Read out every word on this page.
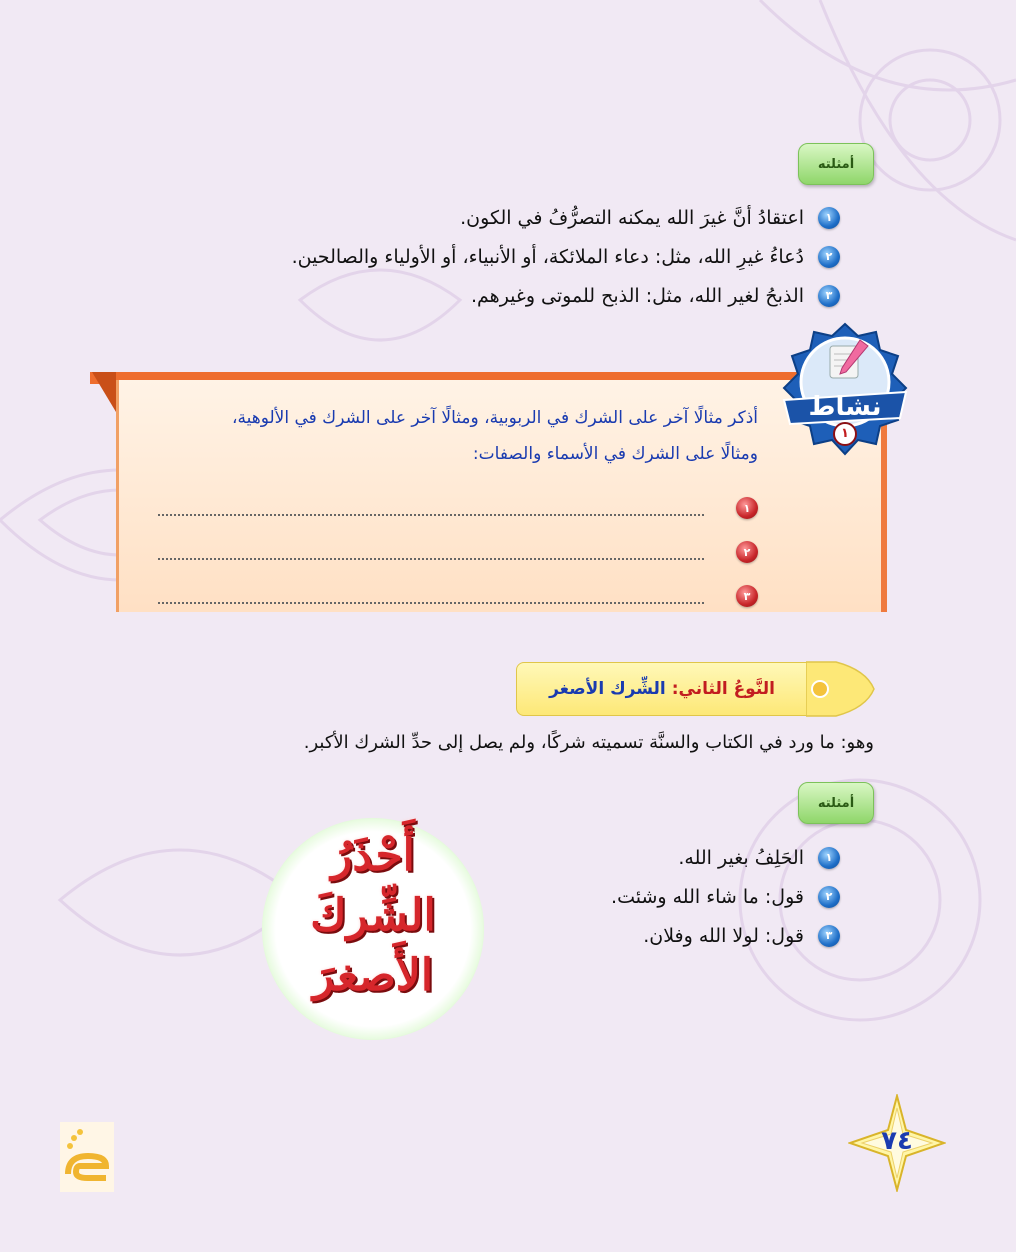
أمثلته
١
اعتقادُ أنَّ غيرَ الله يمكنه التصرُّفُ في الكون.
٢
دُعاءُ غيرِ الله، مثل: دعاء الملائكة، أو الأنبياء، أو الأولياء والصالحين.
٣
الذبحُ لغير الله، مثل: الذبح للموتى وغيرهم.
نشاط
١
أذكر مثالًا آخر على الشرك في الربوبية، ومثالًا آخر على الشرك في الألوهية،
ومثالًا على الشرك في الأسماء والصفات:
١
٢
٣
النَّوعُ الثاني:
الشِّرك الأصغر
وهو: ما ورد في الكتاب والسنَّة تسميته شركًا، ولم يصل إلى حدِّ الشرك الأكبر.
أمثلته
١
الحَلِفُ بغير الله.
٢
قول: ما شاء الله وشئت.
٣
قول: لولا الله وفلان.
أَحْذَرُ
الشِّركَ
الأَصغرَ
٧٤
